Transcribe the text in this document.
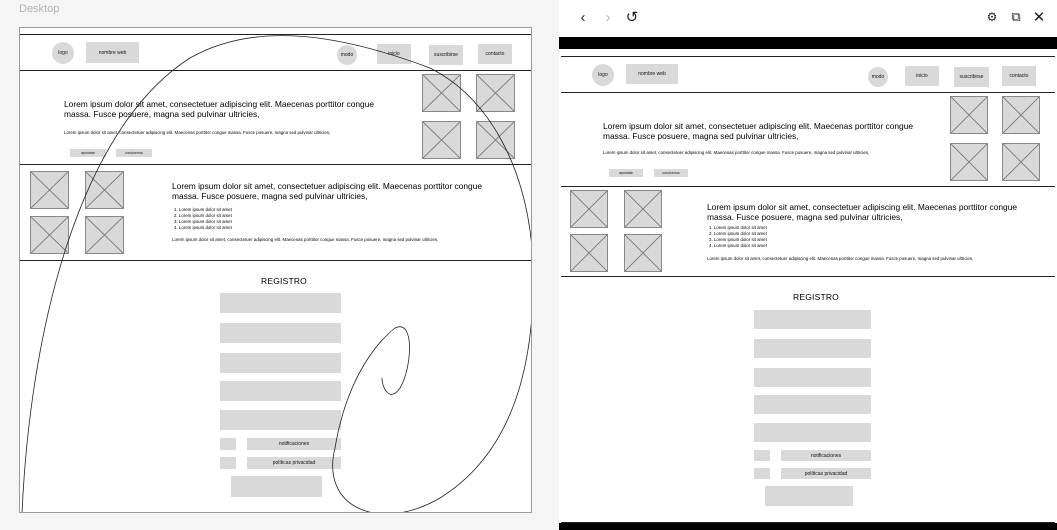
Desktop
logo	nombre web	modo	inicio	suscribirse	contacto
Lorem ipsum dolor sit amet, consectetuer adipiscing elit. Maecenas porttitor congue massa. Fusce posuere, magna sed pulvinar ultricies,
Lorem ipsum dolor sit amet, consectetuer adipiscing elit. Maecenas porttitor congue massa. Fusce posuere, magna sed pulvinar ultricies,
apúntate	conócenos
Lorem ipsum dolor sit amet, consectetuer adipiscing elit. Maecenas porttitor congue massa. Fusce posuere, magna sed pulvinar ultricies,
1. Lorem ipsum dolor sit amet
2. Lorem ipsum dolor sit amet
3. Lorem ipsum dolor sit amet
4. Lorem ipsum dolor sit amet
Lorem ipsum dolor sit amet, consectetuer adipiscing elit. Maecenas porttitor congue massa. Fusce posuere, magna sed pulvinar ultricies,
REGISTRO
notificaciones
políticas privacidad
‹	›	↺	⚙	⧉ ✕
logo	nombre web	modo	inicio	suscribirse	contacto
Lorem ipsum dolor sit amet, consectetuer adipiscing elit. Maecenas porttitor congue massa. Fusce posuere, magna sed pulvinar ultricies,
Lorem ipsum dolor sit amet, consectetuer adipiscing elit. Maecenas porttitor congue massa. Fusce posuere, magna sed pulvinar ultricies,
apúntate	conócenos
Lorem ipsum dolor sit amet, consectetuer adipiscing elit. Maecenas porttitor congue massa. Fusce posuere, magna sed pulvinar ultricies,
1. Lorem ipsum dolor sit amet
2. Lorem ipsum dolor sit amet
3. Lorem ipsum dolor sit amet
4. Lorem ipsum dolor sit amet
Lorem ipsum dolor sit amet, consectetuer adipiscing elit. Maecenas porttitor congue massa. Fusce posuere, magna sed pulvinar ultricies,
REGISTRO
notificaciones
políticas privacidad
